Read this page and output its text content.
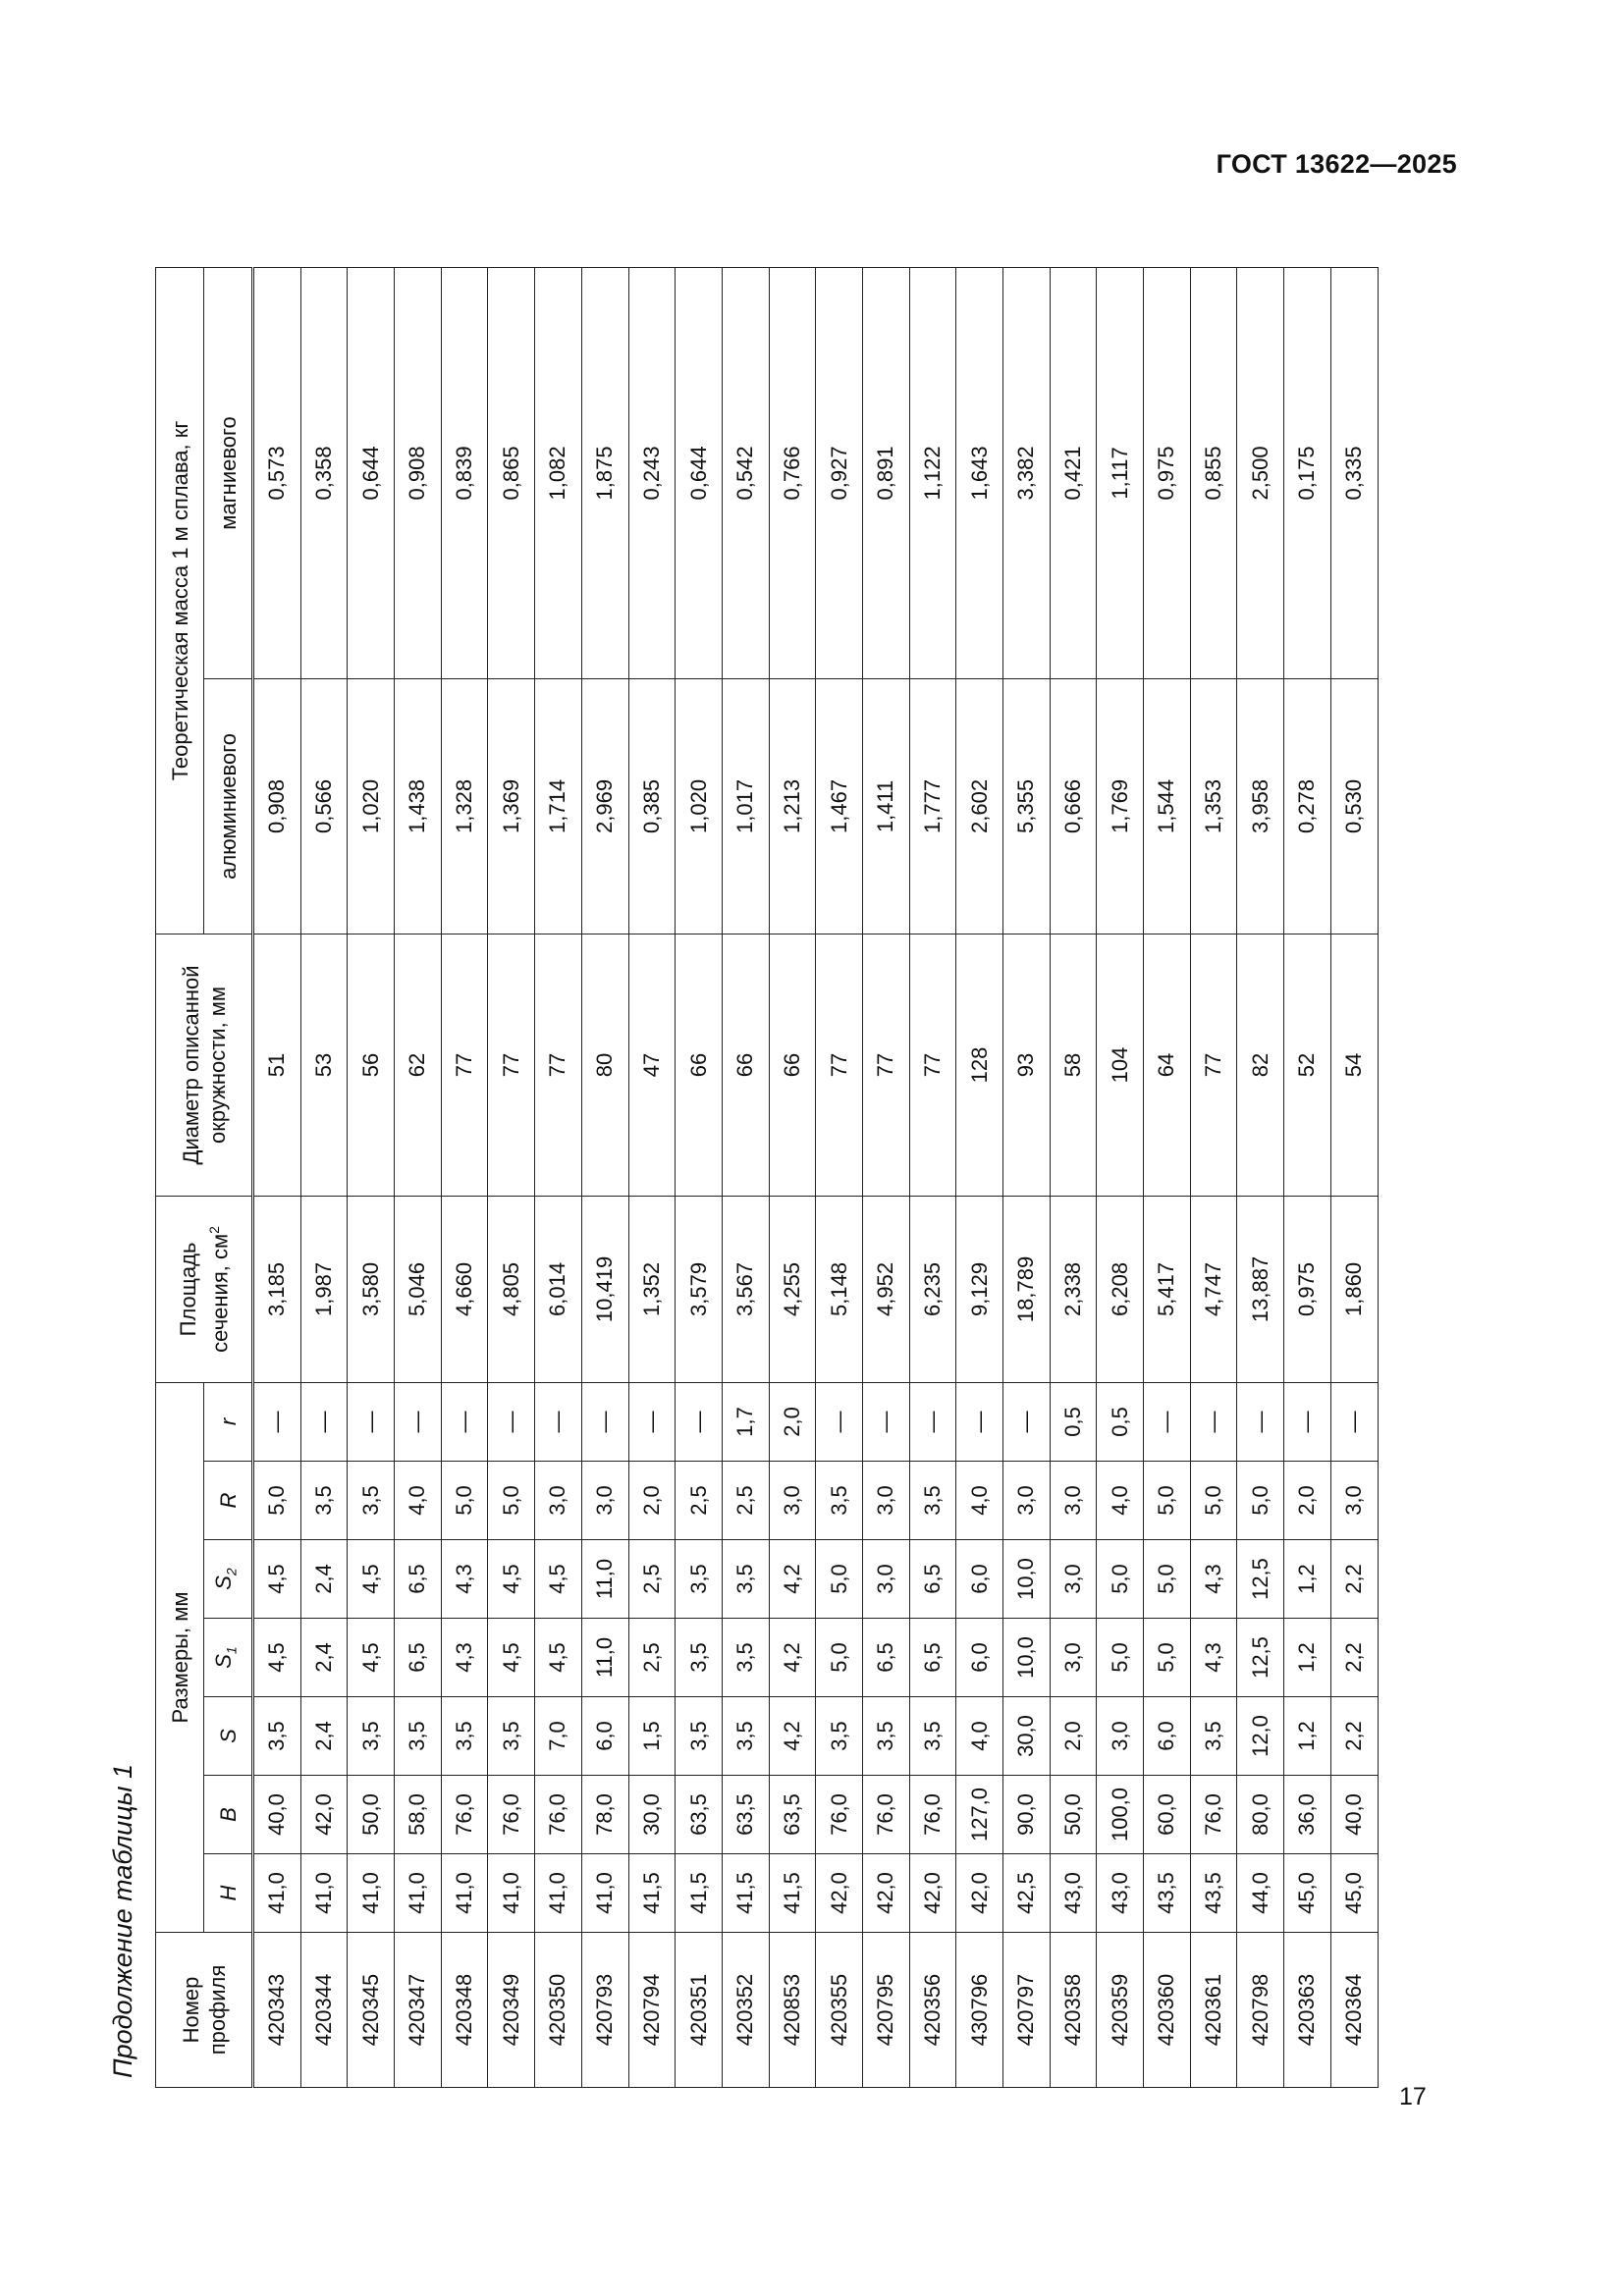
ГОСТ 13622—2025
Продолжение таблицы 1 Номер профиля	Размеры, мм							Площадь сечения, $см^2$	Диаметр описанной окружности, мм	Теоретическая масса 1 м сплава, кг	
	H	B	S	$S_1$	$S_2$	R	r			алюминиевого	магниевого
420343	41,0	40,0	3,5	4,5	4,5	5,0	—	3,185	51	0,908	0,573
420344	41,0	42,0	2,4	2,4	2,4	3,5	—	1,987	53	0,566	0,358
420345	41,0	50,0	3,5	4,5	4,5	3,5	—	3,580	56	1,020	0,644
420347	41,0	58,0	3,5	6,5	6,5	4,0	—	5,046	62	1,438	0,908
420348	41,0	76,0	3,5	4,3	4,3	5,0	—	4,660	77	1,328	0,839
420349	41,0	76,0	3,5	4,5	4,5	5,0	—	4,805	77	1,369	0,865
420350	41,0	76,0	7,0	4,5	4,5	3,0	—	6,014	77	1,714	1,082
420793	41,0	78,0	6,0	11,0	11,0	3,0	—	10,419	80	2,969	1,875
420794	41,5	30,0	1,5	2,5	2,5	2,0	—	1,352	47	0,385	0,243
420351	41,5	63,5	3,5	3,5	3,5	2,5	—	3,579	66	1,020	0,644
420352	41,5	63,5	3,5	3,5	3,5	2,5	1,7	3,567	66	1,017	0,542
420853	41,5	63,5	4,2	4,2	4,2	3,0	2,0	4,255	66	1,213	0,766
420355	42,0	76,0	3,5	5,0	5,0	3,5	—	5,148	77	1,467	0,927
420795	42,0	76,0	3,5	6,5	3,0	3,0	—	4,952	77	1,411	0,891
420356	42,0	76,0	3,5	6,5	6,5	3,5	—	6,235	77	1,777	1,122
430796	42,0	127,0	4,0	6,0	6,0	4,0	—	9,129	128	2,602	1,643
420797	42,5	90,0	30,0	10,0	10,0	3,0	—	18,789	93	5,355	3,382
420358	43,0	50,0	2,0	3,0	3,0	3,0	0,5	2,338	58	0,666	0,421
420359	43,0	100,0	3,0	5,0	5,0	4,0	0,5	6,208	104	1,769	1,117
420360	43,5	60,0	6,0	5,0	5,0	5,0	—	5,417	64	1,544	0,975
420361	43,5	76,0	3,5	4,3	4,3	5,0	—	4,747	77	1,353	0,855
420798	44,0	80,0	12,0	12,5	12,5	5,0	—	13,887	82	3,958	2,500
420363	45,0	36,0	1,2	1,2	1,2	2,0	—	0,975	52	0,278	0,175
420364	45,0	40,0	2,2	2,2	2,2	3,0	—	1,860	54	0,530	0,335
17
